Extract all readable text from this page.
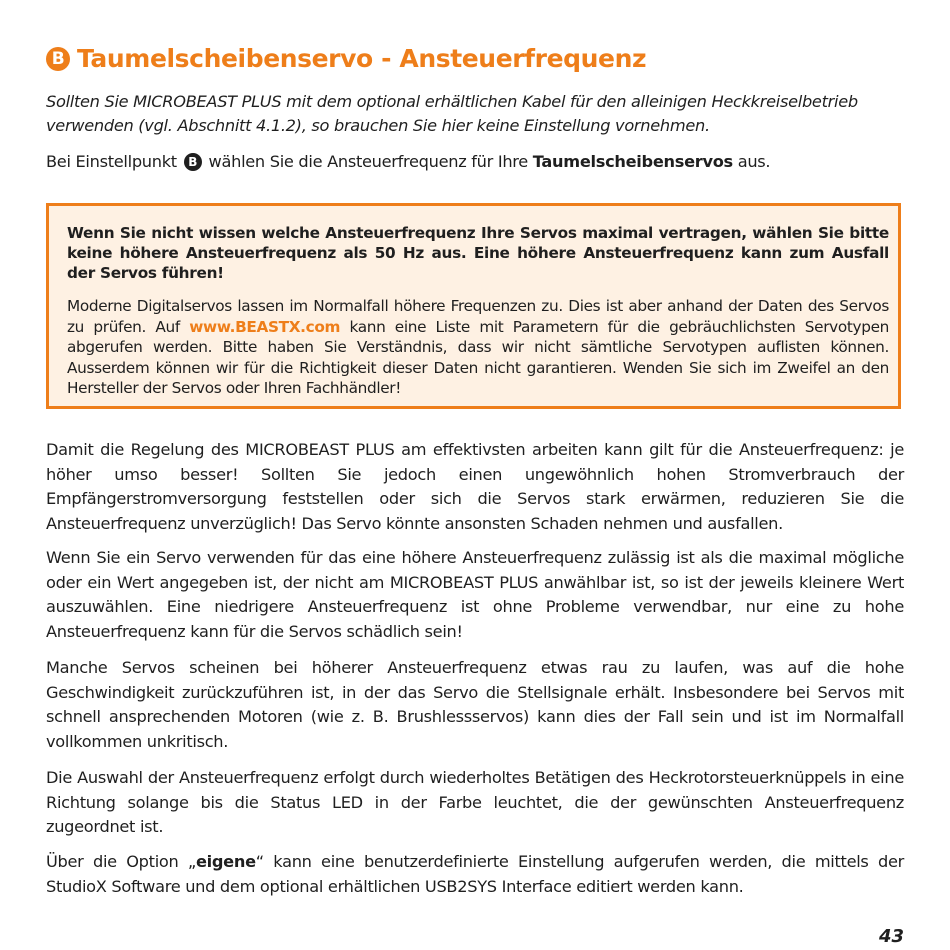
B Taumelscheibenservo - Ansteuerfrequenz
Sollten Sie MICROBEAST PLUS mit dem optional erhältlichen Kabel für den alleinigen Heckkreiselbetrieb verwenden (vgl. Abschnitt 4.1.2), so brauchen Sie hier keine Einstellung vornehmen.
Bei Einstellpunkt B wählen Sie die Ansteuerfrequenz für Ihre Taumelscheibenservos aus.
Wenn Sie nicht wissen welche Ansteuerfrequenz Ihre Servos maximal vertragen, wählen Sie bitte keine höhere Ansteuerfrequenz als 50 Hz aus. Eine höhere Ansteuerfrequenz kann zum Ausfall der Servos führen!
Moderne Digitalservos lassen im Normalfall höhere Frequenzen zu. Dies ist aber anhand der Daten des Servos zu prüfen. Auf www.BEASTX.com kann eine Liste mit Parametern für die gebräuchlichsten Servotypen abgerufen werden. Bitte haben Sie Verständnis, dass wir nicht sämtliche Servotypen auflisten können. Ausserdem können wir für die Richtigkeit dieser Daten nicht garantieren. Wenden Sie sich im Zweifel an den Hersteller der Servos oder Ihren Fachhändler!
Damit die Regelung des MICROBEAST PLUS am effektivsten arbeiten kann gilt für die Ansteuerfrequenz: je höher umso besser! Sollten Sie jedoch einen ungewöhnlich hohen Stromverbrauch der Empfängerstromversorgung feststellen oder sich die Servos stark erwärmen, reduzieren Sie die Ansteuerfrequenz unverzüglich! Das Servo könnte ansonsten Schaden nehmen und ausfallen.
Wenn Sie ein Servo verwenden für das eine höhere Ansteuerfrequenz zulässig ist als die maximal mögliche oder ein Wert angegeben ist, der nicht am MICROBEAST PLUS anwählbar ist, so ist der jeweils kleinere Wert auszuwählen. Eine niedrigere Ansteuerfrequenz ist ohne Probleme verwendbar, nur eine zu hohe Ansteuerfrequenz kann für die Servos schädlich sein!
Manche Servos scheinen bei höherer Ansteuerfrequenz etwas rau zu laufen, was auf die hohe Geschwindigkeit zurückzuführen ist, in der das Servo die Stellsignale erhält. Insbesondere bei Servos mit schnell ansprechenden Motoren (wie z. B. Brushlessservos) kann dies der Fall sein und ist im Normalfall vollkommen unkritisch.
Die Auswahl der Ansteuerfrequenz erfolgt durch wiederholtes Betätigen des Heckrotorsteuerknüppels in eine Richtung solange bis die Status LED in der Farbe leuchtet, die der gewünschten Ansteuerfrequenz zugeordnet ist.
Über die Option „eigene“ kann eine benutzerdefinierte Einstellung aufgerufen werden, die mittels der StudioX Software und dem optional erhältlichen USB2SYS Interface editiert werden kann.
43
